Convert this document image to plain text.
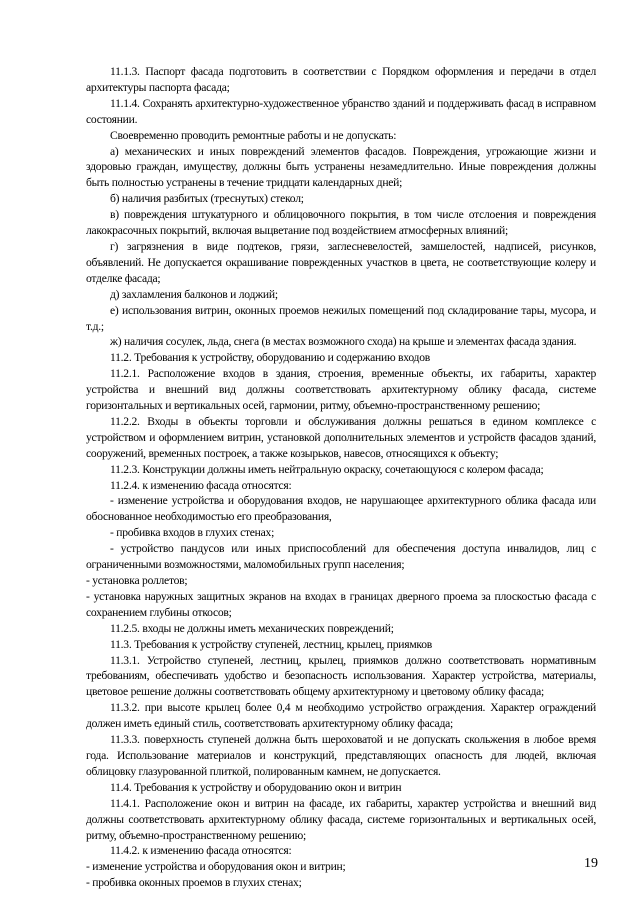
11.1.3. Паспорт фасада подготовить в соответствии с Порядком оформления и передачи в отдел архитектуры паспорта фасада;

11.1.4. Сохранять архитектурно-художественное убранство зданий и поддерживать фасад в исправном состоянии.

Своевременно проводить ремонтные работы и не допускать:

а) механических и иных повреждений элементов фасадов. Повреждения, угрожающие жизни и здоровью граждан, имуществу, должны быть устранены незамедлительно. Иные повреждения должны быть полностью устранены в течение тридцати календарных дней;

б) наличия разбитых (треснутых) стекол;

в) повреждения штукатурного и облицовочного покрытия, в том числе отслоения и повреждения лакокрасочных покрытий, включая выцветание под воздействием атмосферных влияний;

г) загрязнения в виде подтеков, грязи, заглесневелостей, замшелостей, надписей, рисунков, объявлений. Не допускается окрашивание поврежденных участков в цвета, не соответствующие колеру и отделке фасада;

д) захламления балконов и лоджий;

е) использования витрин, оконных проемов нежилых помещений под складирование тары, мусора, и т.д.;

ж) наличия сосулек, льда, снега (в местах возможного схода) на крыше и элементах фасада здания.

11.2. Требования к устройству, оборудованию и содержанию входов

11.2.1. Расположение входов в здания, строения, временные объекты, их габариты, характер устройства и внешний вид должны соответствовать архитектурному облику фасада, системе горизонтальных и вертикальных осей, гармонии, ритму, объемно-пространственному решению;

11.2.2. Входы в объекты торговли и обслуживания должны решаться в едином комплексе с устройством и оформлением витрин, установкой дополнительных элементов и устройств фасадов зданий, сооружений, временных построек, а также козырьков, навесов, относящихся к объекту;

11.2.3. Конструкции должны иметь нейтральную окраску, сочетающуюся с колером фасада;

11.2.4. к изменению фасада относятся:

- изменение устройства и оборудования входов, не нарушающее архитектурного облика фасада или обоснованное необходимостью его преобразования,

- пробивка входов в глухих стенах;

- устройство пандусов или иных приспособлений для обеспечения доступа инвалидов, лиц с ограниченными возможностями, маломобильных групп населения;

- установка роллетов;

- установка наружных защитных экранов на входах в границах дверного проема за плоскостью фасада с сохранением глубины откосов;

11.2.5. входы не должны иметь механических повреждений;

11.3. Требования к устройству ступеней, лестниц, крылец, приямков

11.3.1. Устройство ступеней, лестниц, крылец, приямков должно соответствовать нормативным требованиям, обеспечивать удобство и безопасность использования. Характер устройства, материалы, цветовое решение должны соответствовать общему архитектурному и цветовому облику фасада;

11.3.2. при высоте крылец более 0,4 м необходимо устройство ограждения. Характер ограждений должен иметь единый стиль, соответствовать архитектурному облику фасада;

11.3.3. поверхность ступеней должна быть шероховатой и не допускать скольжения в любое время года. Использование материалов и конструкций, представляющих опасность для людей, включая облицовку глазурованной плиткой, полированным камнем, не допускается.

11.4. Требования к устройству и оборудованию окон и витрин

11.4.1. Расположение окон и витрин на фасаде, их габариты, характер устройства и внешний вид должны соответствовать архитектурному облику фасада, системе горизонтальных и вертикальных осей, ритму, объемно-пространственному решению;

11.4.2. к изменению фасада относятся:

- изменение устройства и оборудования окон и витрин;

- пробивка оконных проемов в глухих стенах;

19
